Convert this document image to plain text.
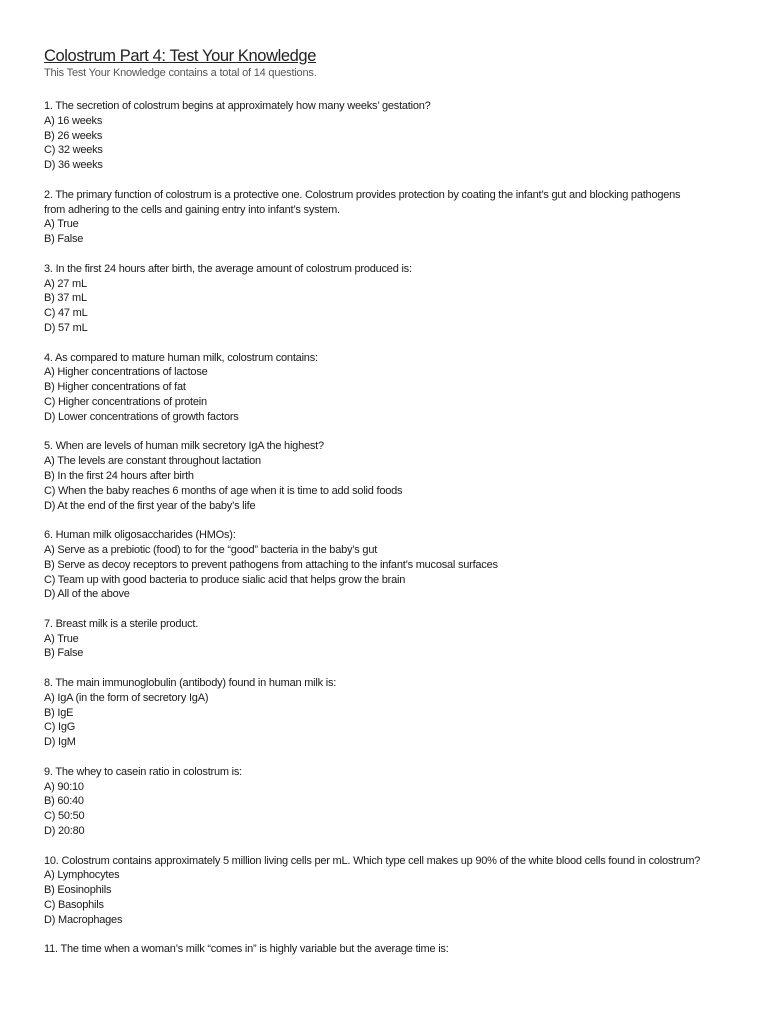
Colostrum Part 4: Test Your Knowledge
This Test Your Knowledge contains a total of 14 questions.
1. The secretion of colostrum begins at approximately how many weeks’ gestation?
A) 16 weeks
B) 26 weeks
C) 32 weeks
D) 36 weeks
2. The primary function of colostrum is a protective one. Colostrum provides protection by coating the infant’s gut and blocking pathogens from adhering to the cells and gaining entry into infant’s system.
A) True
B) False
3. In the first 24 hours after birth, the average amount of colostrum produced is:
A) 27 mL
B) 37 mL
C) 47 mL
D) 57 mL
4. As compared to mature human milk, colostrum contains:
A) Higher concentrations of lactose
B) Higher concentrations of fat
C) Higher concentrations of protein
D) Lower concentrations of growth factors
5. When are levels of human milk secretory IgA the highest?
A) The levels are constant throughout lactation
B) In the first 24 hours after birth
C) When the baby reaches 6 months of age when it is time to add solid foods
D) At the end of the first year of the baby’s life
6. Human milk oligosaccharides (HMOs):
A) Serve as a prebiotic (food) to for the “good” bacteria in the baby’s gut
B) Serve as decoy receptors to prevent pathogens from attaching to the infant’s mucosal surfaces
C) Team up with good bacteria to produce sialic acid that helps grow the brain
D) All of the above
7. Breast milk is a sterile product.
A) True
B) False
8. The main immunoglobulin (antibody) found in human milk is:
A) IgA (in the form of secretory IgA)
B) IgE
C) IgG
D) IgM
9. The whey to casein ratio in colostrum is:
A) 90:10
B) 60:40
C) 50:50
D) 20:80
10. Colostrum contains approximately 5 million living cells per mL. Which type cell makes up 90% of the white blood cells found in colostrum?
A) Lymphocytes
B) Eosinophils
C) Basophils
D) Macrophages
11. The time when a woman’s milk “comes in” is highly variable but the average time is:
